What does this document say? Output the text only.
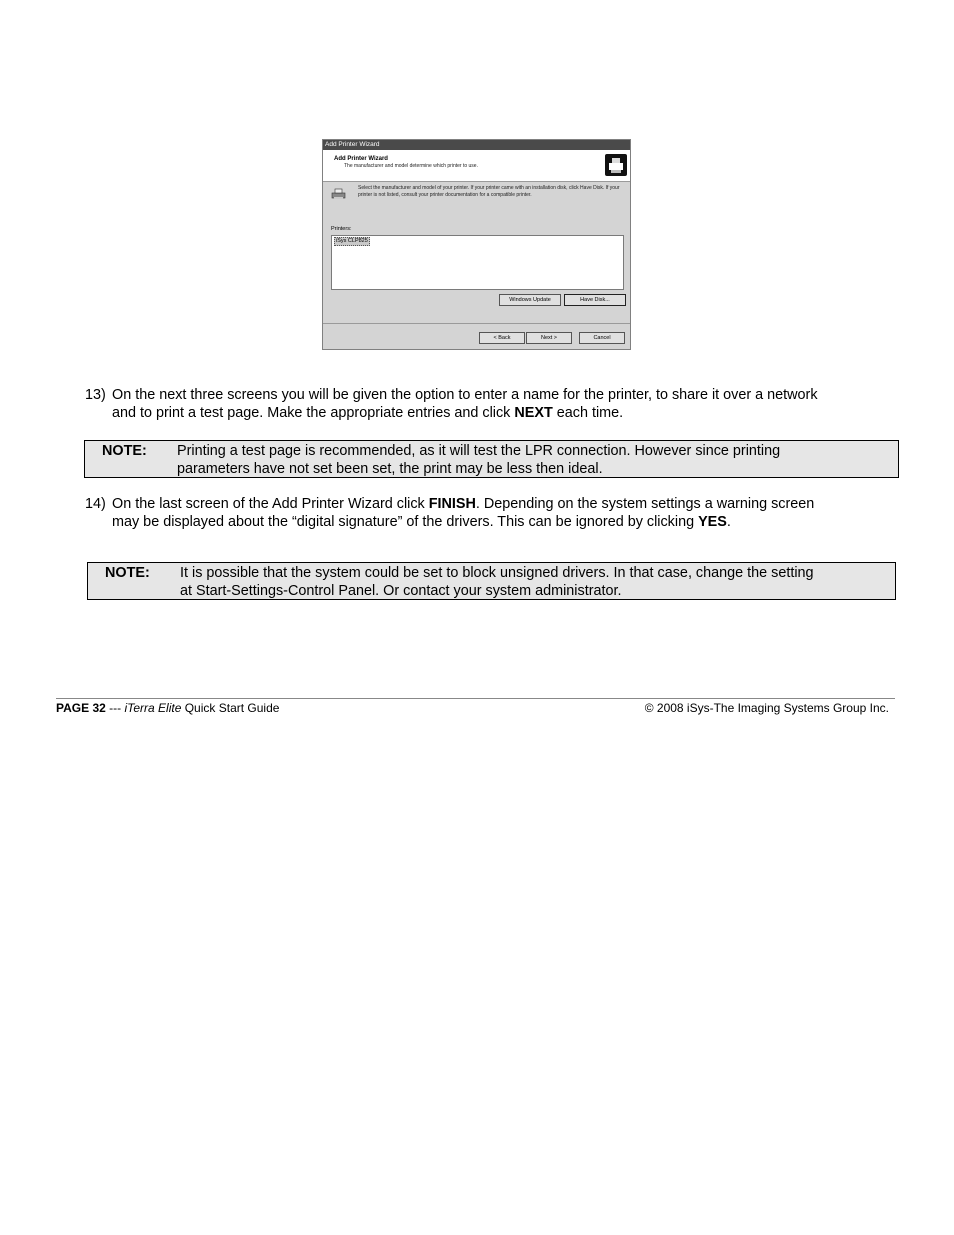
Add Printer Wizard
Add Printer Wizard
The manufacturer and model determine which printer to use.
Select the manufacturer and model of your printer. If your printer came with an installation disk, click Have Disk. If your printer is not listed, consult your printer documentation for a compatible printer.
Printers:
iSys CLP825
Windows Update	Have Disk...
< Back	Next >	Cancel
13) On the next three screens you will be given the option to enter a name for the printer, to share it over a network
and to print a test page. Make the appropriate entries and click NEXT each time.
NOTE: Printing a test page is recommended, as it will test the LPR connection. However since printing
parameters have not set been set, the print may be less then ideal.
14) On the last screen of the Add Printer Wizard click FINISH. Depending on the system settings a warning screen
may be displayed about the “digital signature” of the drivers. This can be ignored by clicking YES.
NOTE: It is possible that the system could be set to block unsigned drivers. In that case, change the setting
at Start-Settings-Control Panel. Or contact your system administrator.
PAGE 32 --- iTerra Elite Quick Start Guide	© 2008 iSys-The Imaging Systems Group Inc.
